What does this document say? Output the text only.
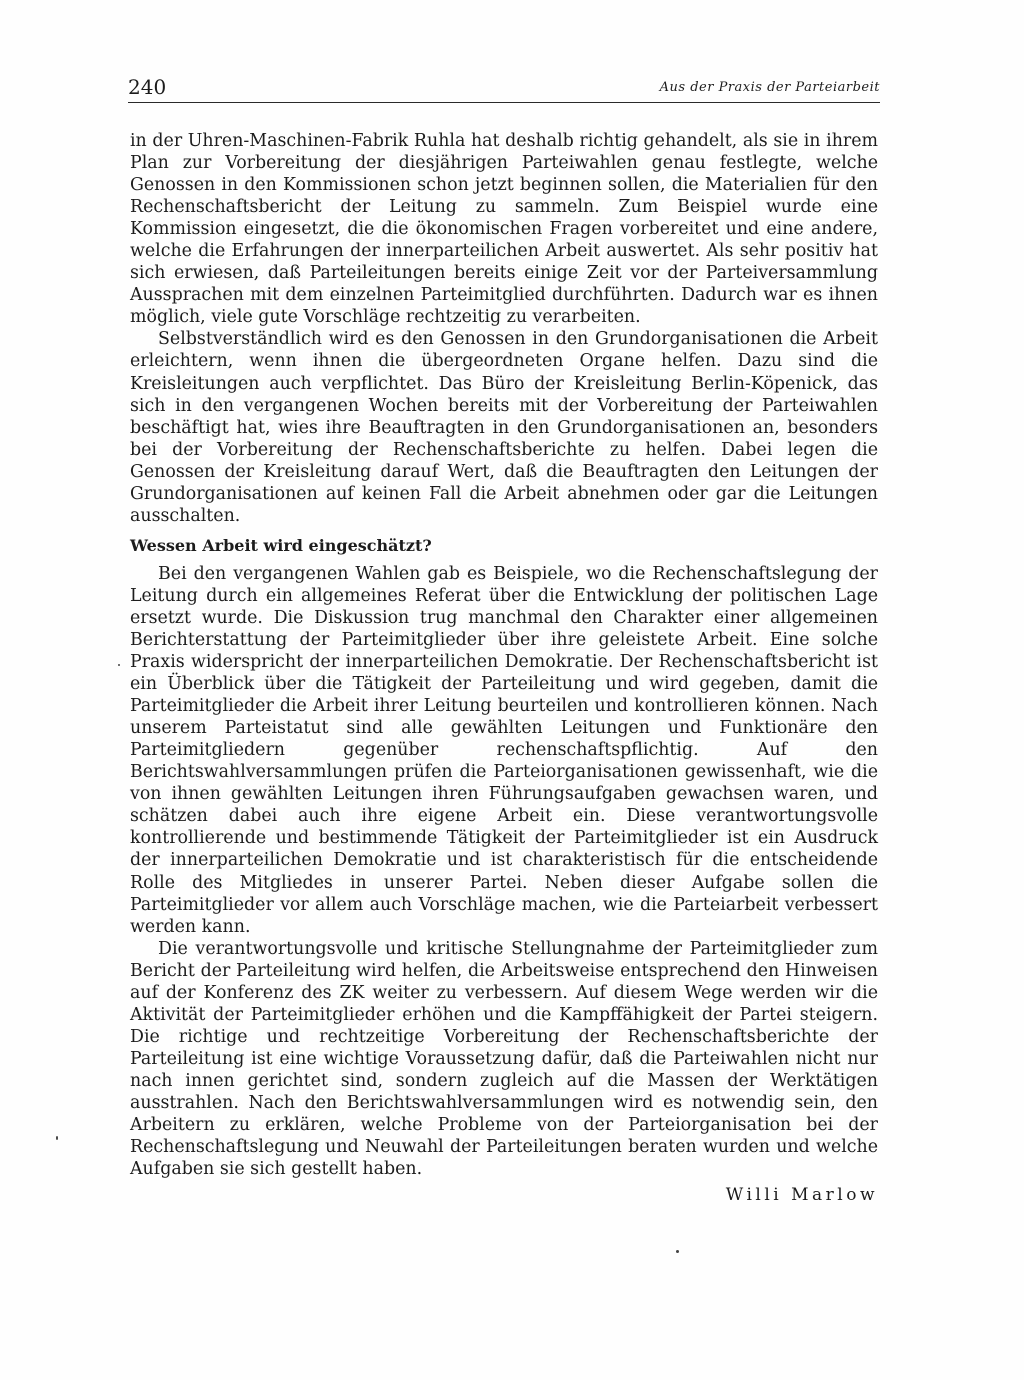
240	Aus der Praxis der Parteiarbeit

in der Uhren-Maschinen-Fabrik Ruhla hat deshalb richtig gehandelt, als sie in ihrem Plan zur Vorbereitung der diesjährigen Parteiwahlen genau festlegte, welche Genossen in den Kommissionen schon jetzt beginnen sollen, die Materialien für den Rechenschaftsbericht der Leitung zu sammeln. Zum Beispiel wurde eine Kommission eingesetzt, die die ökonomischen Fragen vorbereitet und eine andere, welche die Erfahrungen der innerparteilichen Arbeit auswertet. Als sehr positiv hat sich erwiesen, daß Parteileitungen bereits einige Zeit vor der Parteiversammlung Aussprachen mit dem einzelnen Parteimitglied durchführten. Dadurch war es ihnen möglich, viele gute Vorschläge rechtzeitig zu verarbeiten.

Selbstverständlich wird es den Genossen in den Grundorganisationen die Arbeit erleichtern, wenn ihnen die übergeordneten Organe helfen. Dazu sind die Kreisleitungen auch verpflichtet. Das Büro der Kreisleitung Berlin-Köpenick, das sich in den vergangenen Wochen bereits mit der Vorbereitung der Parteiwahlen beschäftigt hat, wies ihre Beauftragten in den Grundorganisationen an, besonders bei der Vorbereitung der Rechenschaftsberichte zu helfen. Dabei legen die Genossen der Kreisleitung darauf Wert, daß die Beauftragten den Leitungen der Grundorganisationen auf keinen Fall die Arbeit abnehmen oder gar die Leitungen ausschalten.

Wessen Arbeit wird eingeschätzt?

Bei den vergangenen Wahlen gab es Beispiele, wo die Rechenschaftslegung der Leitung durch ein allgemeines Referat über die Entwicklung der politischen Lage ersetzt wurde. Die Diskussion trug manchmal den Charakter einer allgemeinen Berichterstattung der Parteimitglieder über ihre geleistete Arbeit. Eine solche Praxis widerspricht der innerparteilichen Demokratie. Der Rechenschaftsbericht ist ein Überblick über die Tätigkeit der Parteileitung und wird gegeben, damit die Parteimitglieder die Arbeit ihrer Leitung beurteilen und kontrollieren können. Nach unserem Parteistatut sind alle gewählten Leitungen und Funktionäre den Parteimitgliedern gegenüber rechenschaftspflichtig. Auf den Berichtswahlversammlungen prüfen die Parteiorganisationen gewissenhaft, wie die von ihnen gewählten Leitungen ihren Führungsaufgaben gewachsen waren, und schätzen dabei auch ihre eigene Arbeit ein. Diese verantwortungsvolle kontrollierende und bestimmende Tätigkeit der Parteimitglieder ist ein Ausdruck der innerparteilichen Demokratie und ist charakteristisch für die entscheidende Rolle des Mitgliedes in unserer Partei. Neben dieser Aufgabe sollen die Parteimitglieder vor allem auch Vorschläge machen, wie die Parteiarbeit verbessert werden kann.

Die verantwortungsvolle und kritische Stellungnahme der Parteimitglieder zum Bericht der Parteileitung wird helfen, die Arbeitsweise entsprechend den Hinweisen auf der Konferenz des ZK weiter zu verbessern. Auf diesem Wege werden wir die Aktivität der Parteimitglieder erhöhen und die Kampffähigkeit der Partei steigern. Die richtige und rechtzeitige Vorbereitung der Rechenschaftsberichte der Parteileitung ist eine wichtige Voraussetzung dafür, daß die Parteiwahlen nicht nur nach innen gerichtet sind, sondern zugleich auf die Massen der Werktätigen ausstrahlen. Nach den Berichtswahlversammlungen wird es notwendig sein, den Arbeitern zu erklären, welche Probleme von der Parteiorganisation bei der Rechenschaftslegung und Neuwahl der Parteileitungen beraten wurden und welche Aufgaben sie sich gestellt haben.

Willi Marlow
